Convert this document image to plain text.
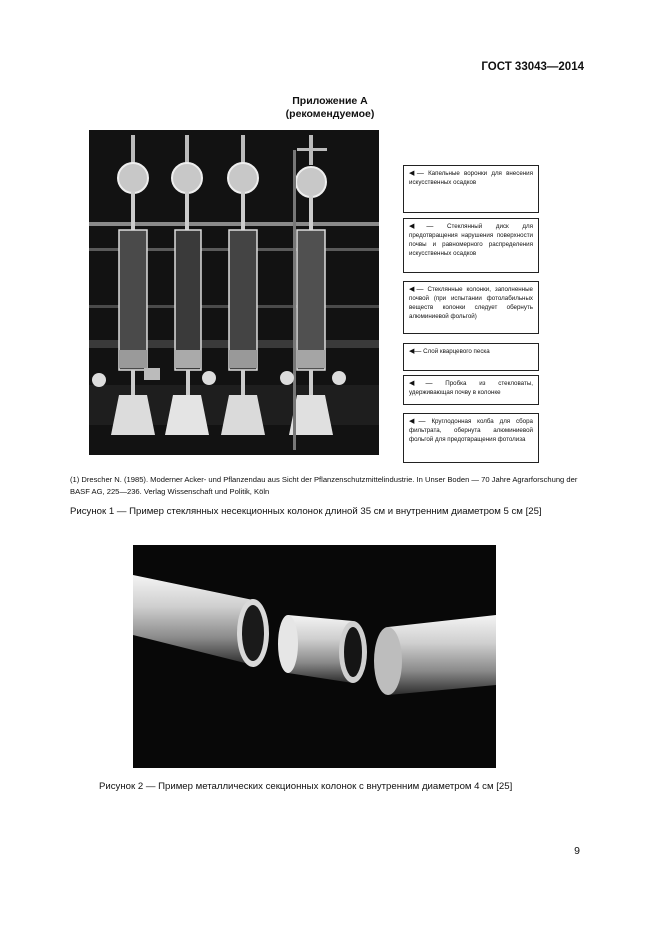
ГОСТ 33043—2014
Приложение А
(рекомендуемое)
◀— Капельные воронки для внесения искусственных осадков
◀— Стеклянный диск для предотвращения нарушения поверхности почвы и равномерного распределения искусственных осадков
◀— Стеклянные колонки, заполненные почвой (при испытании фотолабильных веществ колонки следует обернуть алюминиевой фольгой)
◀— Слой кварцевого песка
◀— Пробка из стекловаты, удерживающая почву в колонке
◀— Круглодонная колба для сбора фильтрата, обернута алюминиевой фольгой для предотвращения фотолиза
(1) Drescher N. (1985). Moderner Acker- und Pflanzendau aus Sicht der Pflanzenschutzmittelindustrie. In Unser Boden — 70 Jahre Agrarforschung der BASF AG, 225—236. Verlag Wissenschaft und Politik, Köln
Рисунок 1 — Пример стеклянных несекционных колонок длиной 35 см и внутренним диаметром 5 см [25]
Рисунок 2 — Пример металлических секционных колонок с внутренним диаметром 4 см [25]
9
